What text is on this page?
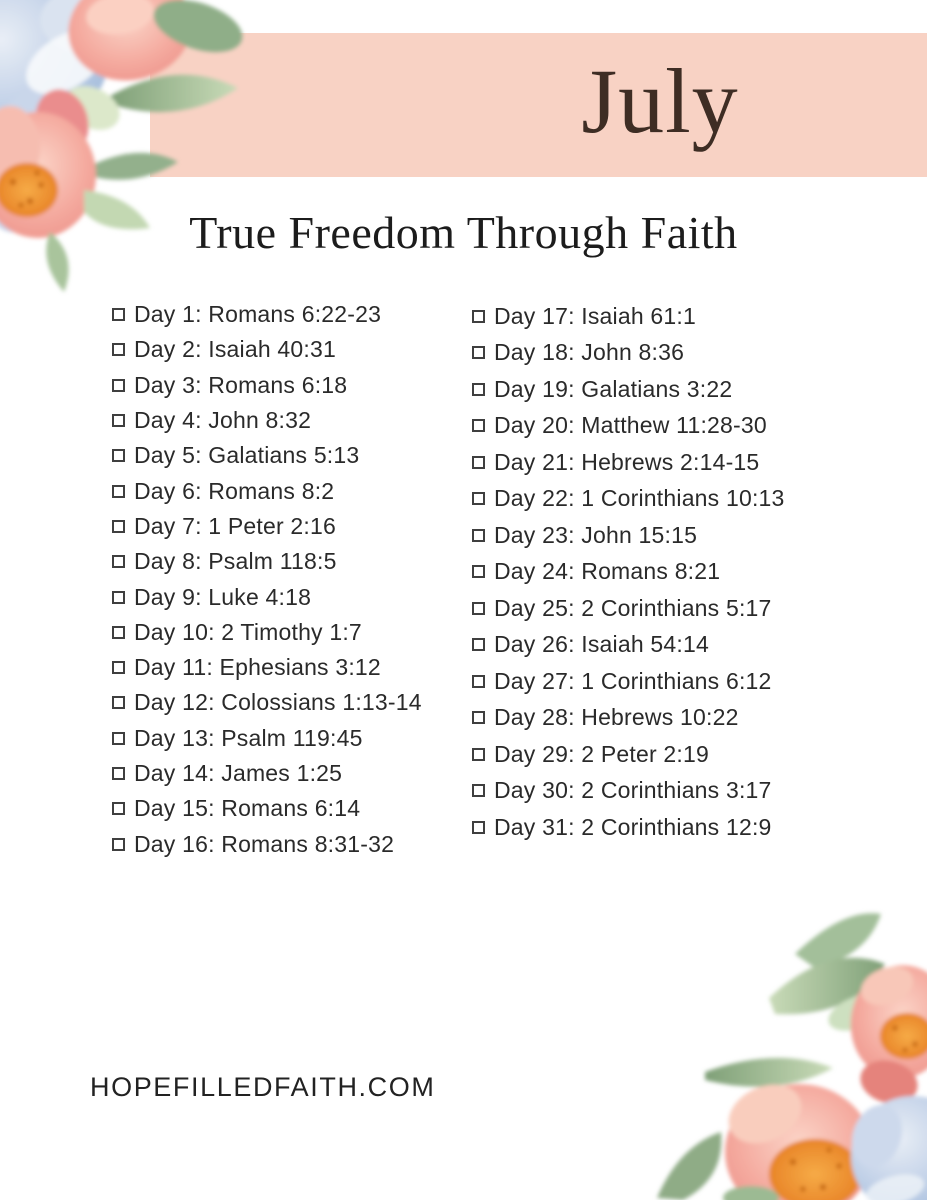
July
True Freedom Through Faith
Day 1: Romans 6:22-23
Day 2: Isaiah 40:31
Day 3: Romans 6:18
Day 4: John 8:32
Day 5: Galatians 5:13
Day 6: Romans 8:2
Day 7: 1 Peter 2:16
Day 8: Psalm 118:5
Day 9: Luke 4:18
Day 10: 2 Timothy 1:7
Day 11: Ephesians 3:12
Day 12: Colossians 1:13-14
Day 13: Psalm 119:45
Day 14: James 1:25
Day 15: Romans 6:14
Day 16: Romans 8:31-32
Day 17: Isaiah 61:1
Day 18: John 8:36
Day 19: Galatians 3:22
Day 20: Matthew 11:28-30
Day 21: Hebrews 2:14-15
Day 22: 1 Corinthians 10:13
Day 23: John 15:15
Day 24: Romans 8:21
Day 25: 2 Corinthians 5:17
Day 26: Isaiah 54:14
Day 27: 1 Corinthians 6:12
Day 28: Hebrews 10:22
Day 29: 2 Peter 2:19
Day 30: 2 Corinthians 3:17
Day 31: 2 Corinthians 12:9
HOPEFILLEDFAITH.COM
